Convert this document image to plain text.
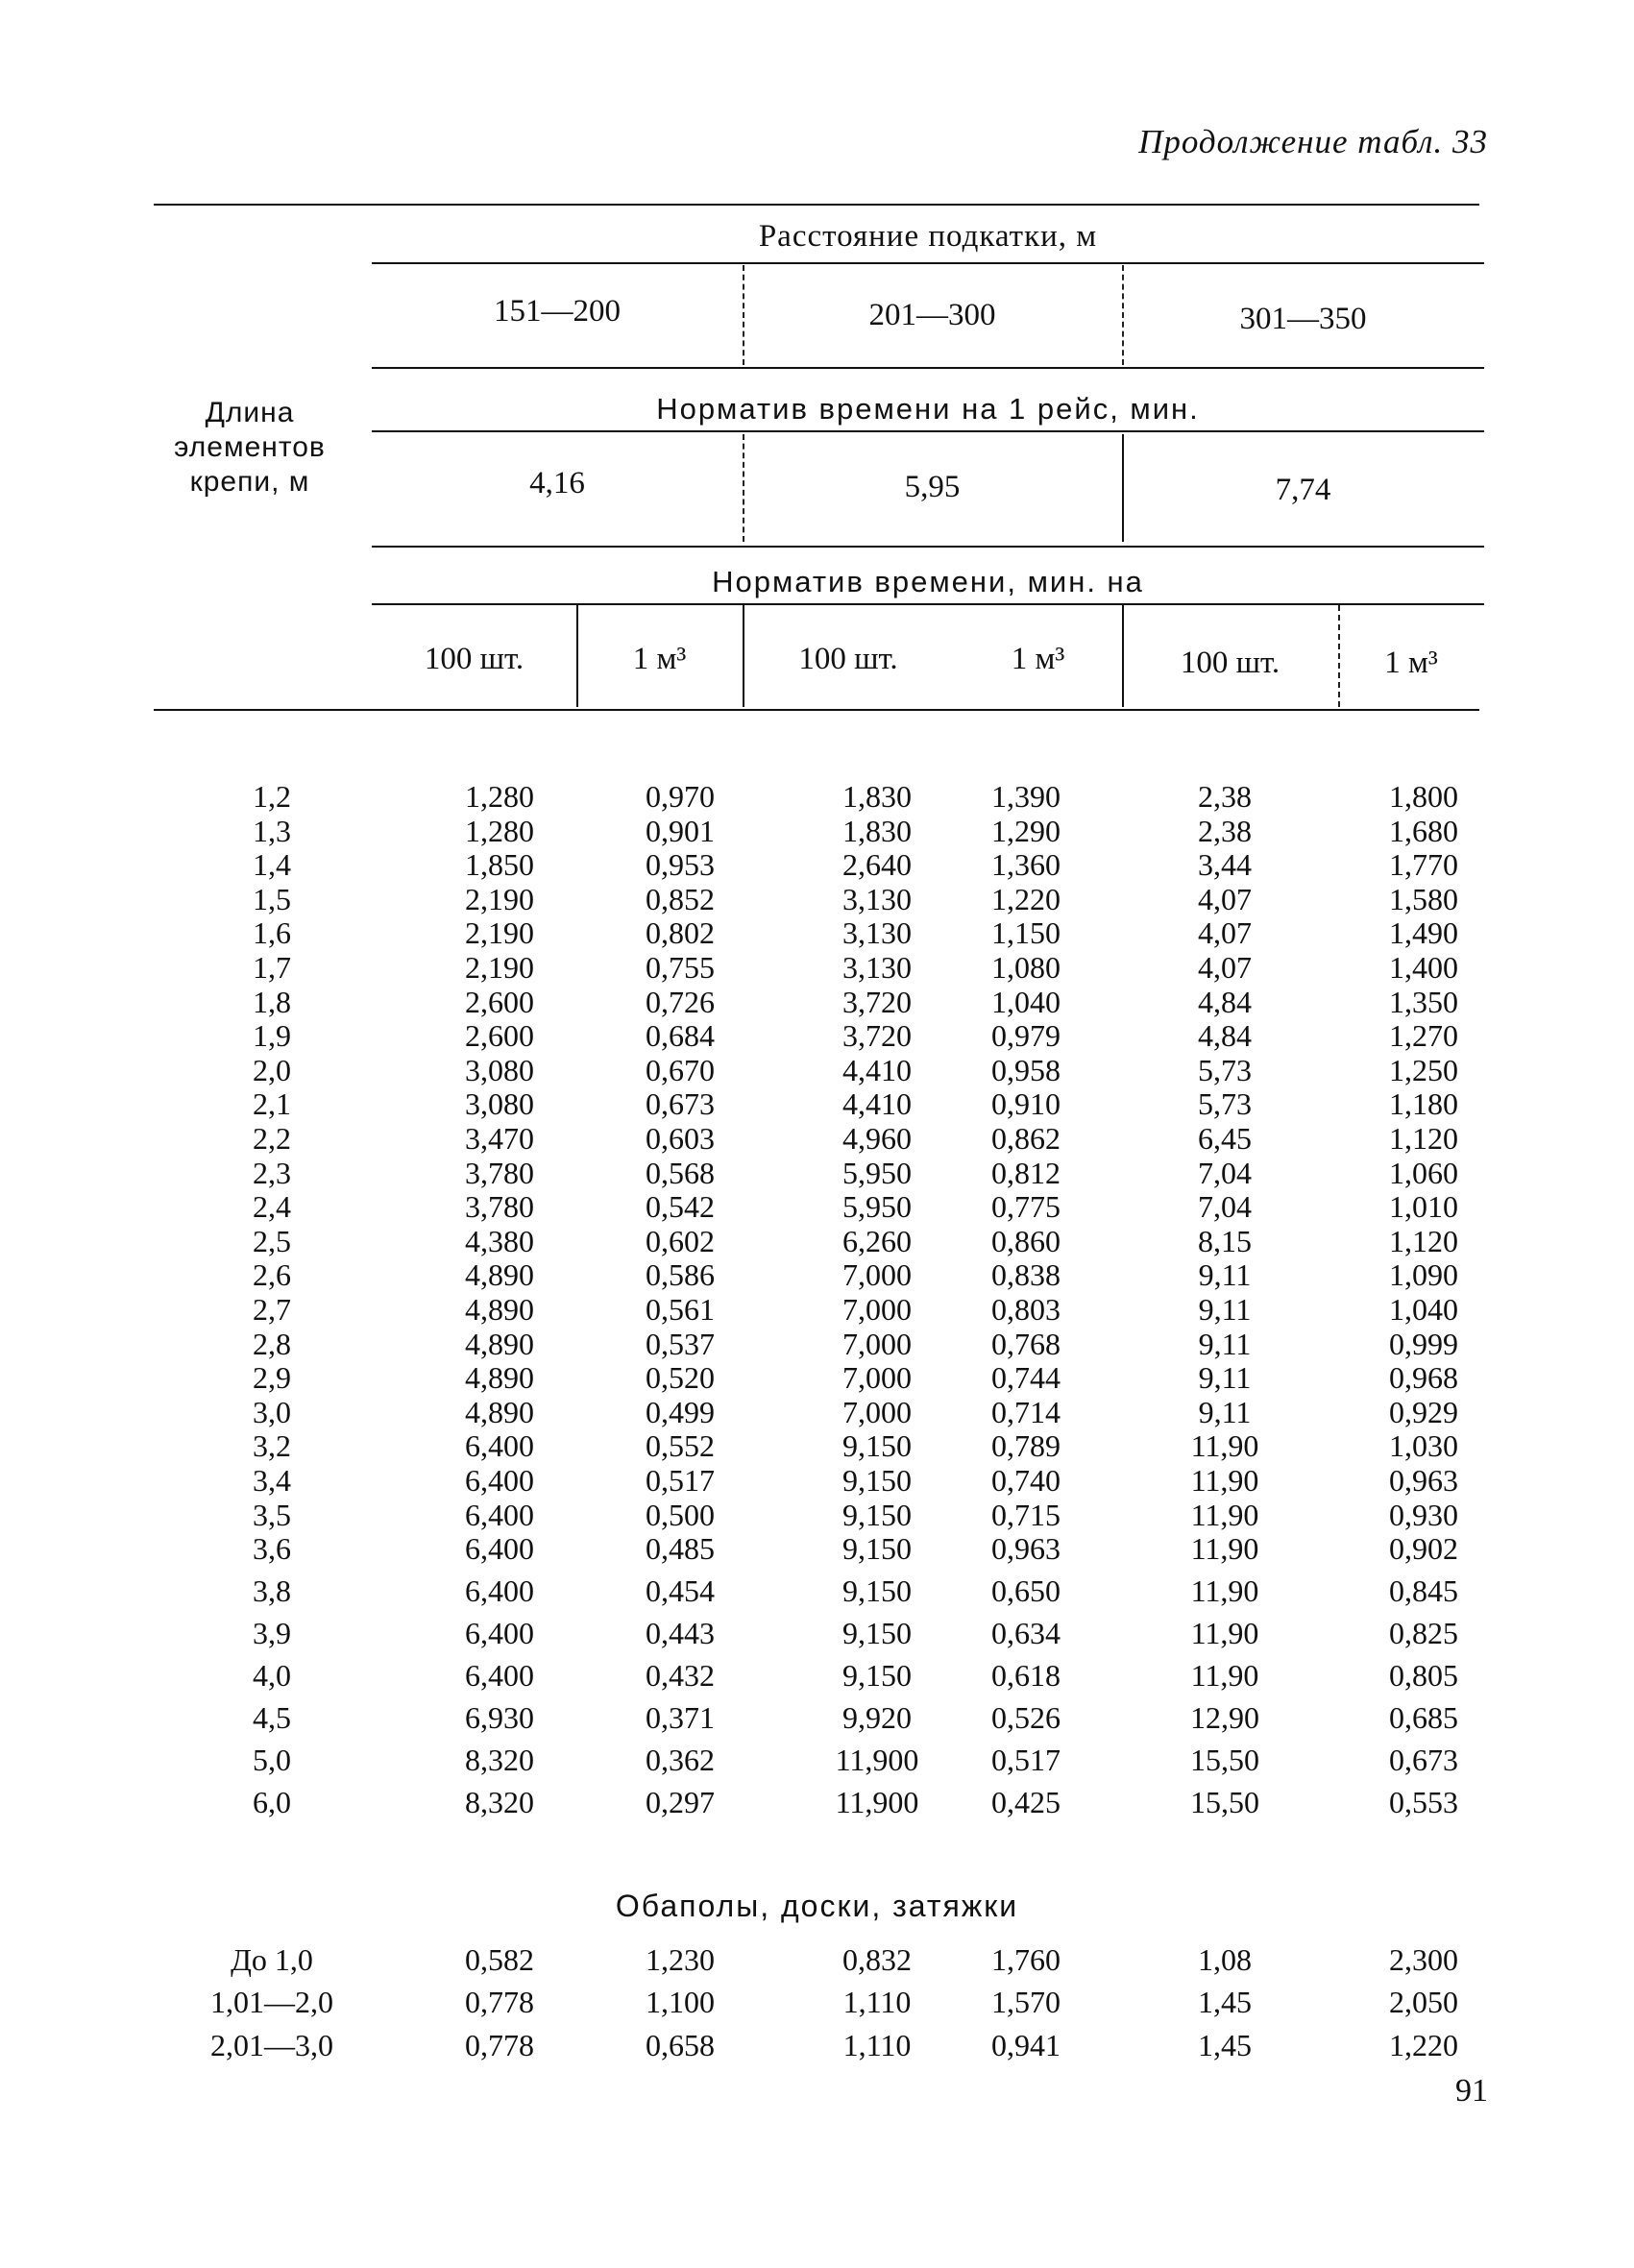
Продолжение табл. 33
Длина
элементов
крепи, м
Расстояние подкатки, м
151—200	201—300	301—350
Норматив времени на 1 рейс, мин.
4,16	5,95	7,74
Норматив времени, мин. на
100 шт.	1 м³	100 шт.	1 м³	100 шт.	1 м³
1,2	1,280	0,970	1,830	1,390	2,38	1,800
1,3	1,280	0,901	1,830	1,290	2,38	1,680
1,4	1,850	0,953	2,640	1,360	3,44	1,770
1,5	2,190	0,852	3,130	1,220	4,07	1,580
1,6	2,190	0,802	3,130	1,150	4,07	1,490
1,7	2,190	0,755	3,130	1,080	4,07	1,400
1,8	2,600	0,726	3,720	1,040	4,84	1,350
1,9	2,600	0,684	3,720	0,979	4,84	1,270
2,0	3,080	0,670	4,410	0,958	5,73	1,250
2,1	3,080	0,673	4,410	0,910	5,73	1,180
2,2	3,470	0,603	4,960	0,862	6,45	1,120
2,3	3,780	0,568	5,950	0,812	7,04	1,060
2,4	3,780	0,542	5,950	0,775	7,04	1,010
2,5	4,380	0,602	6,260	0,860	8,15	1,120
2,6	4,890	0,586	7,000	0,838	9,11	1,090
2,7	4,890	0,561	7,000	0,803	9,11	1,040
2,8	4,890	0,537	7,000	0,768	9,11	0,999
2,9	4,890	0,520	7,000	0,744	9,11	0,968
3,0	4,890	0,499	7,000	0,714	9,11	0,929
3,2	6,400	0,552	9,150	0,789	11,90	1,030
3,4	6,400	0,517	9,150	0,740	11,90	0,963
3,5	6,400	0,500	9,150	0,715	11,90	0,930
3,6	6,400	0,485	9,150	0,963	11,90	0,902
3,8	6,400	0,454	9,150	0,650	11,90	0,845
3,9	6,400	0,443	9,150	0,634	11,90	0,825
4,0	6,400	0,432	9,150	0,618	11,90	0,805
4,5	6,930	0,371	9,920	0,526	12,90	0,685
5,0	8,320	0,362	11,900	0,517	15,50	0,673
6,0	8,320	0,297	11,900	0,425	15,50	0,553
Обаполы, доски, затяжки
До 1,0	0,582	1,230	0,832	1,760	1,08	2,300
1,01—2,0	0,778	1,100	1,110	1,570	1,45	2,050
2,01—3,0	0,778	0,658	1,110	0,941	1,45	1,220
91
